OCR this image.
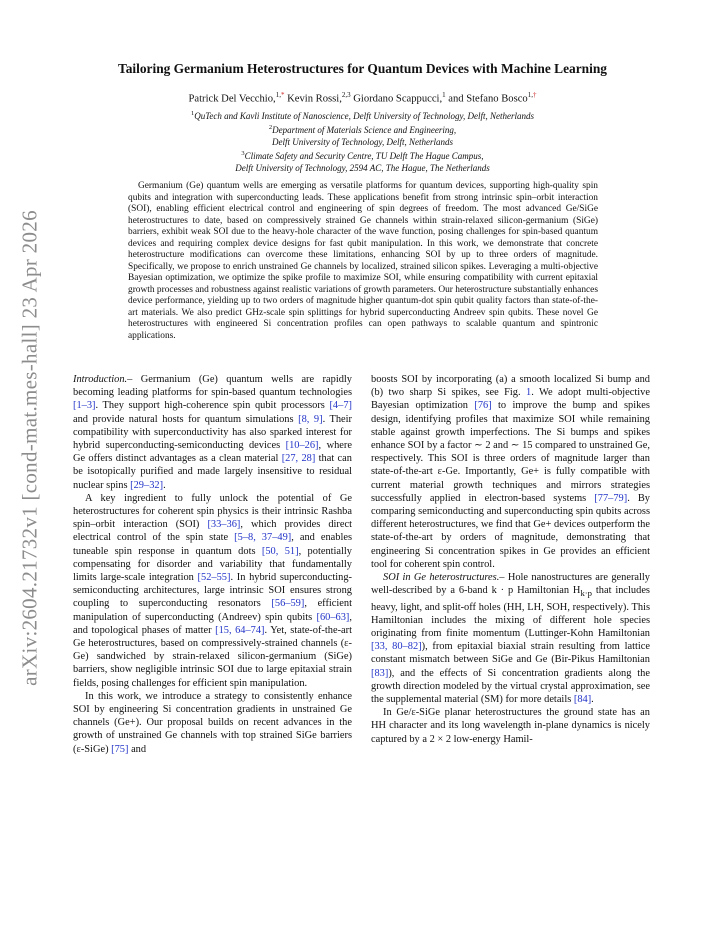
arXiv:2604.21732v1 [cond-mat.mes-hall] 23 Apr 2026
Tailoring Germanium Heterostructures for Quantum Devices with Machine Learning
Patrick Del Vecchio,$^{1,*}$ Kevin Rossi,$^{2,3}$ Giordano Scappucci,$^1$ and Stefano Bosco$^{1,\dagger}$

$^1$QuTech and Kavli Institute of Nanoscience, Delft University of Technology, Delft, Netherlands

$^2$Department of Materials Science and Engineering,

Delft University of Technology, Delft, Netherlands

$^3$Climate Safety and Security Centre, TU Delft The Hague Campus,

Delft University of Technology, 2594 AC, The Hague, The Netherlands

Germanium (Ge) quantum wells are emerging as versatile platforms for quantum devices, supporting high-quality spin qubits and integration with superconducting leads. These applications benefit from strong intrinsic spin–orbit interaction (SOI), enabling efficient electrical control and engineering of spin degrees of freedom. The most advanced Ge/SiGe heterostructures to date, based on compressively strained Ge channels within strain-relaxed silicon-germanium (SiGe) barriers, exhibit weak SOI due to the heavy-hole character of the wave function, posing challenges for spin-based quantum devices and requiring complex device designs for fast qubit manipulation. In this work, we demonstrate that concrete heterostructure modifications can overcome these limitations, enhancing SOI by up to three orders of magnitude. Specifically, we propose to enrich unstrained Ge channels by localized, strained silicon spikes. Leveraging a multi-objective Bayesian optimization, we optimize the spike profile to maximize SOI, while ensuring compatibility with current epitaxial growth processes and robustness against realistic variations of growth parameters. Our heterostructure substantially enhances device performance, yielding up to two orders of magnitude higher quantum-dot spin qubit quality factors than state-of-the-art materials. We also predict GHz-scale spin splittings for hybrid superconducting Andreev spin qubits. These novel Ge heterostructures with engineered Si concentration profiles can open pathways to scalable quantum and spintronic applications.

Introduction.– Germanium (Ge) quantum wells are rapidly becoming leading platforms for spin-based quantum technologies [1–3]. They support high-coherence spin qubit processors [4–7] and provide natural hosts for quantum simulations [8, 9]. Their compatibility with superconductivity has also sparked interest for hybrid superconducting-semiconducting devices [10–26], where Ge offers distinct advantages as a clean material [27, 28] that can be isotopically purified and made largely insensitive to residual nuclear spins [29–32].

A key ingredient to fully unlock the potential of Ge heterostructures for coherent spin physics is their intrinsic Rashba spin–orbit interaction (SOI) [33–36], which provides direct electrical control of the spin state [5–8, 37–49], and enables tuneable spin response in quantum dots [50, 51], potentially compensating for disorder and variability that fundamentally limits large-scale integration [52–55]. In hybrid superconducting-semiconducting architectures, large intrinsic SOI ensures strong coupling to superconducting resonators [56–59], efficient manipulation of superconducting (Andreev) spin qubits [60–63], and topological phases of matter [15, 64–74]. Yet, state-of-the-art Ge heterostructures, based on compressively-strained channels (ε-Ge) sandwiched by strain-relaxed silicon-germanium (SiGe) barriers, show negligible intrinsic SOI due to large epitaxial strain fields, posing challenges for efficient spin manipulation.

In this work, we introduce a strategy to consistently enhance SOI by engineering Si concentration gradients in unstrained Ge channels (Ge+). Our proposal builds on recent advances in the growth of unstrained Ge channels with top strained SiGe barriers (ε-SiGe) [75] and

boosts SOI by incorporating (a) a smooth localized Si bump and (b) two sharp Si spikes, see Fig. 1. We adopt multi-objective Bayesian optimization [76] to improve the bump and spikes design, identifying profiles that maximize SOI while remaining stable against growth imperfections. The Si bumps and spikes enhance SOI by a factor ∼ 2 and ∼ 15 compared to unstrained Ge, respectively. This SOI is three orders of magnitude larger than state-of-the-art ε-Ge. Importantly, Ge+ is fully compatible with current material growth techniques and mirrors strategies successfully applied in electron-based systems [77–79]. By comparing semiconducting and superconducting spin qubits across different heterostructures, we find that Ge+ devices outperform the state-of-the-art by orders of magnitude, demonstrating that engineering Si concentration spikes in Ge provides an efficient tool for coherent spin control.

SOI in Ge heterostructures.– Hole nanostructures are generally well-described by a 6-band k · p Hamiltonian $H_{k\cdot p}$ that includes heavy, light, and split-off holes (HH, LH, SOH, respectively). This Hamiltonian includes the mixing of different hole species originating from finite momentum (Luttinger-Kohn Hamiltonian [33, 80–82]), from epitaxial biaxial strain resulting from lattice constant mismatch between SiGe and Ge (Bir-Pikus Hamiltonian [83]), and the effects of Si concentration gradients along the growth direction modeled by the virtual crystal approximation, see the supplemental material (SM) for more details [84].

In Ge/ε-SiGe planar heterostructures the ground state has an HH character and its long wavelength in-plane dynamics is nicely captured by a 2 × 2 low-energy Hamil-
